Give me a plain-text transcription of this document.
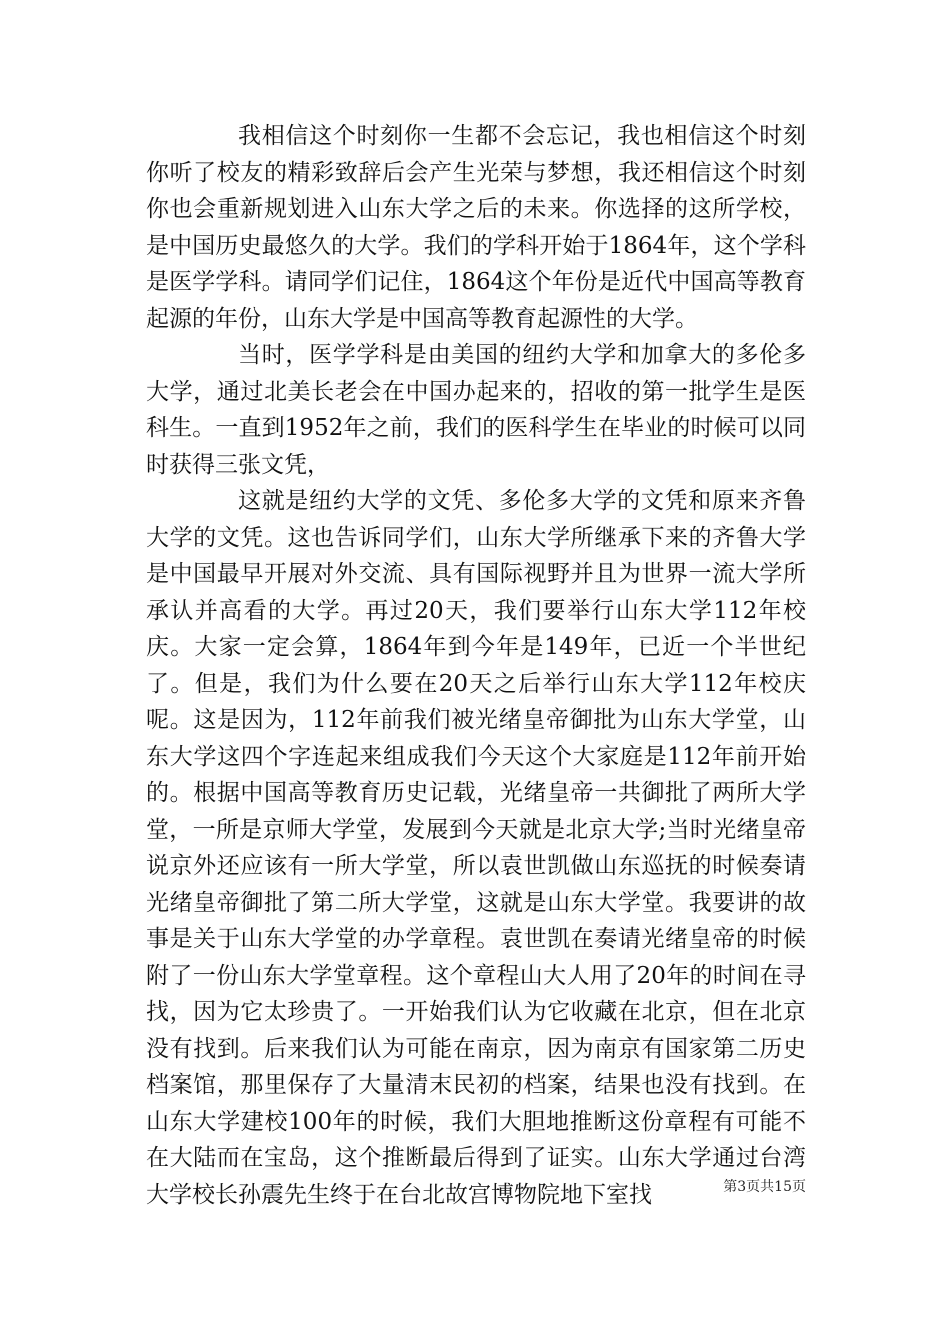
我相信这个时刻你一生都不会忘记，我也相信这个时刻你听了校友的精彩致辞后会产生光荣与梦想，我还相信这个时刻你也会重新规划进入山东大学之后的未来。你选择的这所学校，是中国历史最悠久的大学。我们的学科开始于1864年，这个学科是医学学科。请同学们记住，1864这个年份是近代中国高等教育起源的年份，山东大学是中国高等教育起源性的大学。

当时，医学学科是由美国的纽约大学和加拿大的多伦多大学，通过北美长老会在中国办起来的，招收的第一批学生是医科生。一直到1952年之前，我们的医科学生在毕业的时候可以同时获得三张文凭，

这就是纽约大学的文凭、多伦多大学的文凭和原来齐鲁大学的文凭。这也告诉同学们，山东大学所继承下来的齐鲁大学是中国最早开展对外交流、具有国际视野并且为世界一流大学所承认并高看的大学。再过20天，我们要举行山东大学112年校庆。大家一定会算，1864年到今年是149年，已近一个半世纪了。但是，我们为什么要在20天之后举行山东大学112年校庆呢。这是因为，112年前我们被光绪皇帝御批为山东大学堂，山东大学这四个字连起来组成我们今天这个大家庭是112年前开始的。根据中国高等教育历史记载，光绪皇帝一共御批了两所大学堂，一所是京师大学堂，发展到今天就是北京大学;当时光绪皇帝说京外还应该有一所大学堂，所以袁世凯做山东巡抚的时候奏请光绪皇帝御批了第二所大学堂，这就是山东大学堂。我要讲的故事是关于山东大学堂的办学章程。袁世凯在奏请光绪皇帝的时候附了一份山东大学堂章程。这个章程山大人用了20年的时间在寻找，因为它太珍贵了。一开始我们认为它收藏在北京，但在北京没有找到。后来我们认为可能在南京，因为南京有国家第二历史档案馆，那里保存了大量清末民初的档案，结果也没有找到。在山东大学建校100年的时候，我们大胆地推断这份章程有可能不在大陆而在宝岛，这个推断最后得到了证实。山东大学通过台湾大学校长孙震先生终于在台北故宫博物院地下室找	第3页共15页
